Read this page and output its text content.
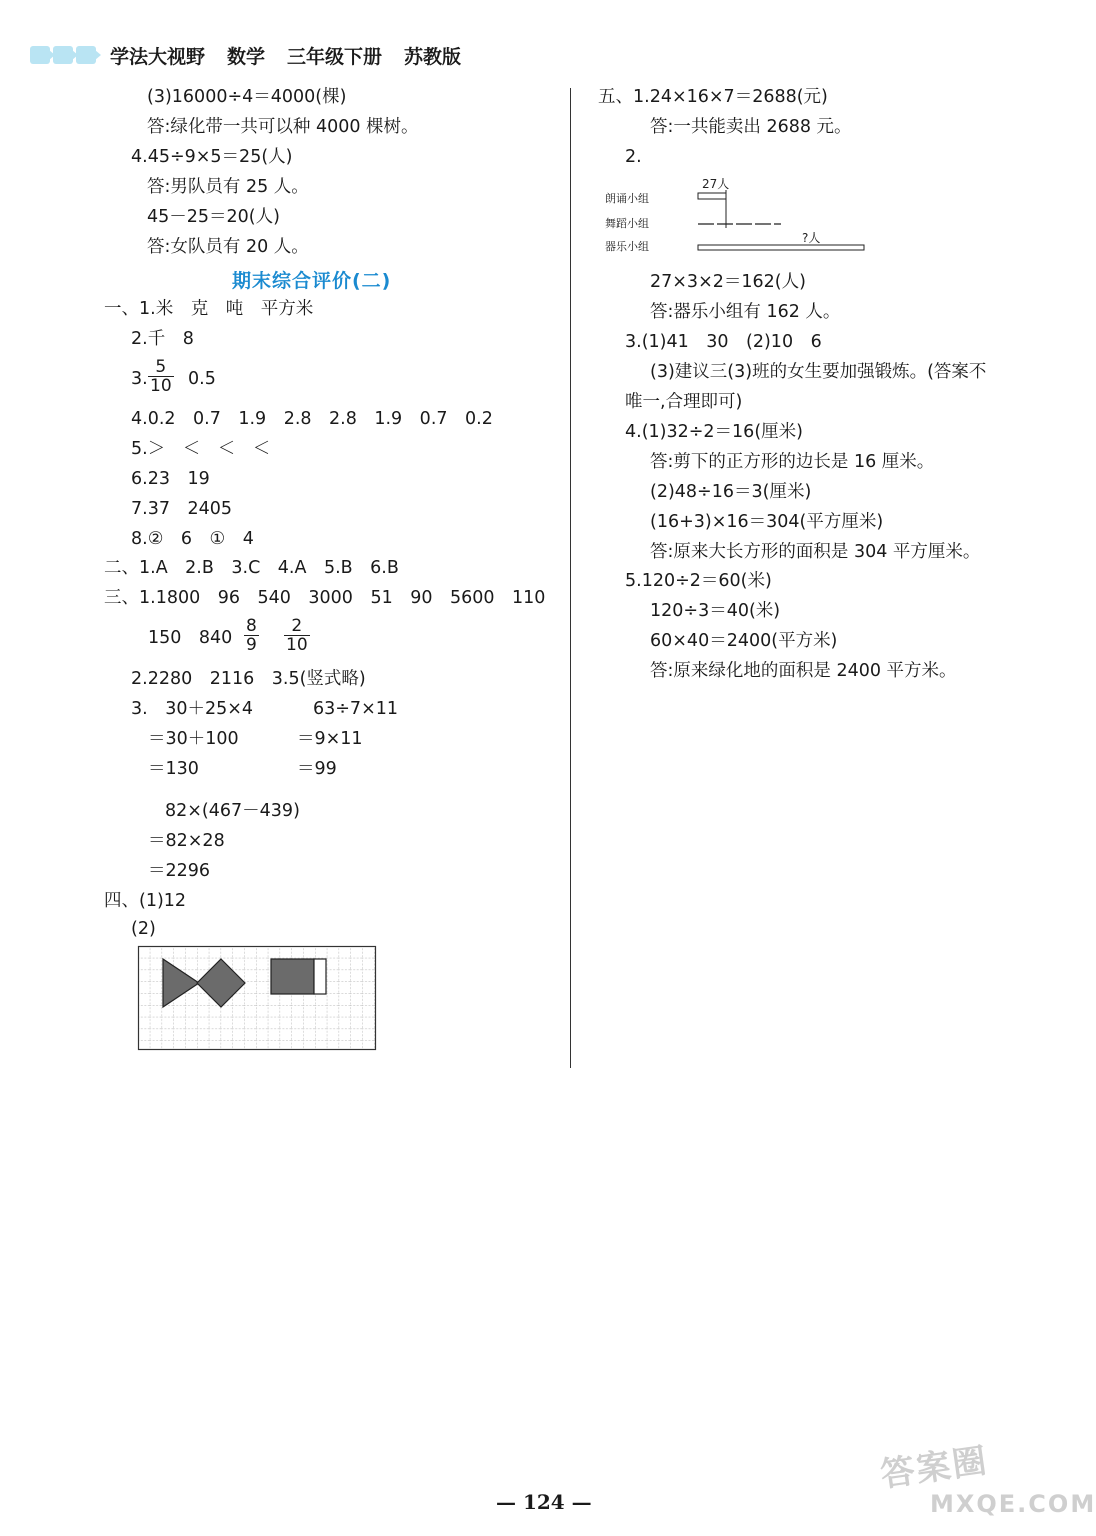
学法大视野 数学 三年级下册 苏教版
(3)16000÷4＝4000(棵)
答:绿化带一共可以种 4000 棵树。
4.45÷9×5＝25(人)
答:男队员有 25 人。
45－25＝20(人)
答:女队员有 20 人。
期末综合评价(二)
一、1.米　克　吨　平方米
2.千　8
3. $\frac{5}{10} 0.5$
4.0.2　0.7　1.9　2.8　2.8　1.9　0.7　0.2
5.＞　＜　＜　＜
6.23　19
7.37　2405
8.②　6　①　4
二、1.A　2.B　3.C　4.A　5.B　6.B
三、1.1800　96　540　3000　51　90　5600　110
150　$840 \frac{8}{9} \frac{2}{10}$
2.2280　2116　3.5(竖式略)
3.　30＋25×4	63÷7×11
＝30＋100	＝9×11
＝130	＝99
82×(467－439)
＝82×28
＝2296
四、(1)12
(2)
五、1.24×16×7＝2688(元)
答:一共能卖出 2688 元。
2.
朗诵小组
舞蹈小组
器乐小组
27人
?人
27×3×2＝162(人)
答:器乐小组有 162 人。
3.(1)41　30　(2)10　6
(3)建议三(3)班的女生要加强锻炼。(答案不
唯一,合理即可)
4.(1)32÷2＝16(厘米)
答:剪下的正方形的边长是 16 厘米。
(2)48÷16＝3(厘米)
(16+3)×16＝304(平方厘米)
答:原来大长方形的面积是 304 平方厘米。
5.120÷2＝60(米)
120÷3＝40(米)
60×40＝2400(平方米)
答:原来绿化地的面积是 2400 平方米。
— 124 —
答案圈
MXQE.COM
